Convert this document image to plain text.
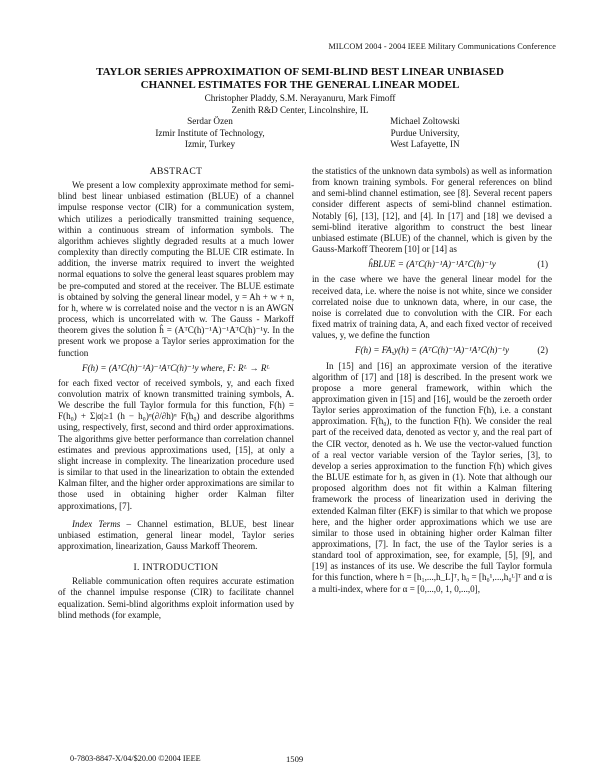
MILCOM 2004 - 2004 IEEE Military Communications Conference
TAYLOR SERIES APPROXIMATION OF SEMI-BLIND BEST LINEAR UNBIASED
CHANNEL ESTIMATES FOR THE GENERAL LINEAR MODEL
Christopher Pladdy, S.M. Nerayanuru, Mark Fimoff
Zenith R&D Center, Lincolnshire, IL
Serdar Özen
Izmir Institute of Technology,
Izmir, Turkey
Michael Zoltowski
Purdue University,
West Lafayette, IN
ABSTRACT

We present a low complexity approximate method for semi-blind best linear unbiased estimation (BLUE) of a channel impulse response vector (CIR) for a communication system, which utilizes a periodically transmitted training sequence, within a continuous stream of information symbols. The algorithm achieves slightly degraded results at a much lower complexity than directly computing the BLUE CIR estimate. In addition, the inverse matrix required to invert the weighted normal equations to solve the general least squares problem may be pre-computed and stored at the receiver. The BLUE estimate is obtained by solving the general linear model, y = Ah + w + n, for h, where w is correlated noise and the vector n is an AWGN process, which is uncorrelated with w. The Gauss - Markoff theorem gives the solution ĥ = (AᵀC(h)⁻¹A)⁻¹AᵀC(h)⁻¹y. In the present work we propose a Taylor series approximation for the function

F(h) = (AᵀC(h)⁻¹A)⁻¹AᵀC(h)⁻¹y where, F: Rᴸ → Rᴸ

for each fixed vector of received symbols, y, and each fixed convolution matrix of known transmitted training symbols, A. We describe the full Taylor formula for this function, F(h) = F(h₀) + Σ|α|≥1 (h − h₀)ᵅ(∂/∂h)ᵅ F(h₀) and describe algorithms using, respectively, first, second and third order approximations. The algorithms give better performance than correlation channel estimates and previous approximations used, [15], at only a slight increase in complexity. The linearization procedure used is similar to that used in the linearization to obtain the extended Kalman filter, and the higher order approximations are similar to those used in obtaining higher order Kalman filter approximations, [7].

Index Terms – Channel estimation, BLUE, best linear unbiased estimation, general linear model, Taylor series approximation, linearization, Gauss Markoff Theorem.

I. INTRODUCTION

Reliable communication often requires accurate estimation of the channel impulse response (CIR) to facilitate channel equalization. Semi-blind algorithms exploit information used by blind methods (for example,

the statistics of the unknown data symbols) as well as information from known training symbols. For general references on blind and semi-blind channel estimation, see [8]. Several recent papers consider different aspects of semi-blind channel estimation. Notably [6], [13], [12], and [4]. In [17] and [18] we devised a semi-blind iterative algorithm to construct the best linear unbiased estimate (BLUE) of the channel, which is given by the Gauss-Markoff Theorem [10] or [14] as

ĥBLUE = (AᵀC(h)⁻¹A)⁻¹AᵀC(h)⁻¹y	(1)

in the case where we have the general linear model for the received data, i.e. where the noise is not white, since we consider correlated noise due to unknown data, where, in our case, the noise is correlated due to convolution with the CIR. For each fixed matrix of training data, A, and each fixed vector of received values, y, we define the function

F(h) = FA,y(h) = (AᵀC(h)⁻¹A)⁻¹AᵀC(h)⁻¹y	(2)

In [15] and [16] an approximate version of the iterative algorithm of [17] and [18] is described. In the present work we propose a more general framework, within which the approximation given in [15] and [16], would be the zeroeth order Taylor series approximation of the function F(h), i.e. a constant approximation. F(h₀), to the function F(h). We consider the real part of the received data, denoted as vector y, and the real part of the CIR vector, denoted as h. We use the vector-valued function of a real vector variable version of the Taylor series, [3], to develop a series approximation to the function F(h) which gives the BLUE estimate for h, as given in (1). Note that although our proposed algorithm does not fit within a Kalman filtering framework the process of linearization used in deriving the extended Kalman filter (EKF) is similar to that which we propose here, and the higher order approximations which we use are similar to those used in obtaining higher order Kalman filter approximations, [7]. In fact, the use of the Taylor series is a standard tool of approximation, see, for example, [5], [9], and [19] as instances of its use. We describe the full Taylor formula for this function, where h = [h₁,...,h_L]ᵀ, h₀ = [h₀¹,...,h₀ᴸ]ᵀ and α is a multi-index, where for α = [0,...,0, 1, 0,...,0],

0-7803-8847-X/04/$20.00 ©2004 IEEE	1509
